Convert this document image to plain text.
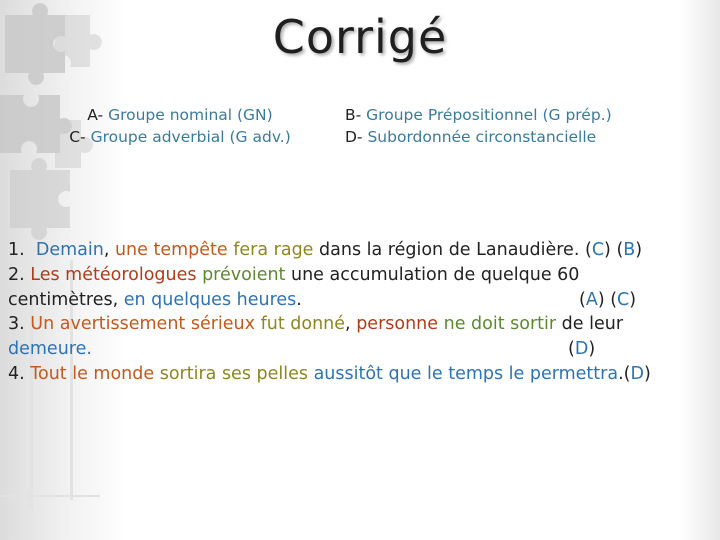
Corrigé
A- Groupe nominal (GN)
C- Groupe adverbial (G adv.)
B- Groupe Prépositionnel (G prép.)
D- Subordonnée circonstancielle
1. Demain, une tempête fera rage dans la région de Lanaudière. (C) (B)
2. Les météorologues prévoient une accumulation de quelque 60
centimètres, en quelques heures.	(A) (C)
3. Un avertissement sérieux fut donné, personne ne doit sortir de leur
demeure.	(D)
4. Tout le monde sortira ses pelles aussitôt que le temps le permettra.(D)
